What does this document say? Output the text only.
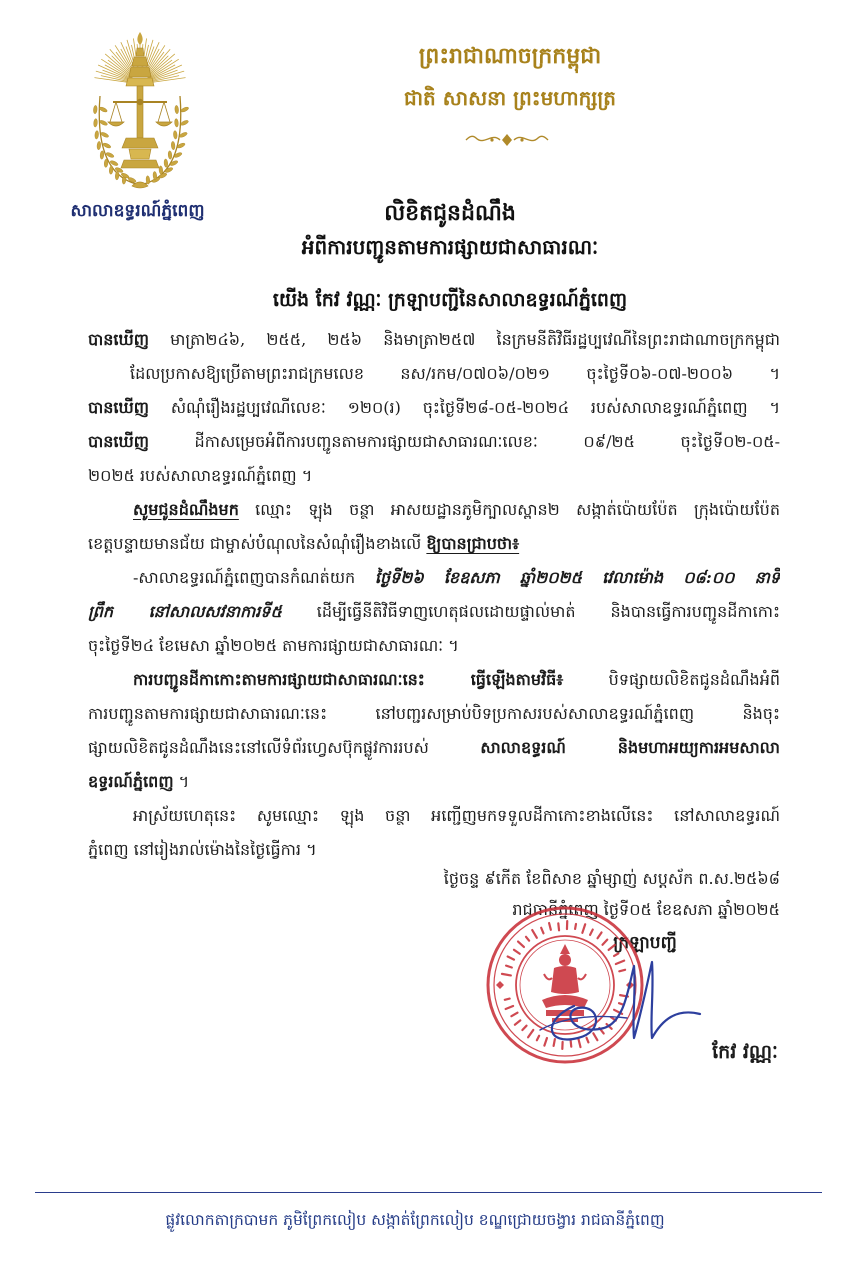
សាលាឧទ្ធរណ៍ភ្នំពេញ
ព្រះរាជាណាចក្រកម្ពុជា
ជាតិ សាសនា ព្រះមហាក្សត្រ
លិខិតជូនដំណឹង
អំពីការបញ្ជូនតាមការផ្សាយជាសាធារណៈ
យើង កែវ វណ្ណៈ ក្រឡាបញ្ជីនៃសាលាឧទ្ធរណ៍ភ្នំពេញ
បានឃើញ មាត្រា២៤៦, ២៥៥, ២៥៦ និងមាត្រា២៥៧ នៃក្រមនីតិវិធីរដ្ឋប្បវេណីនៃព្រះរាជាណាចក្រកម្ពុជា
ដែលប្រកាសឱ្យប្រើតាមព្រះរាជក្រមលេខ នស/រកម/០៧០៦/០២១ ចុះថ្ងៃទី០៦-០៧-២០០៦ ។
បានឃើញ សំណុំរឿងរដ្ឋប្បវេណីលេខៈ ១២០(រ) ចុះថ្ងៃទី២៨-០៥-២០២៤ របស់សាលាឧទ្ធរណ៍ភ្នំពេញ ។
បានឃើញ	ដីកាសម្រេចអំពីការបញ្ជូនតាមការផ្សាយជាសាធារណៈលេខៈ ០៩/២៥ ចុះថ្ងៃទី០២-០៥-
២០២៥ របស់សាលាឧទ្ធរណ៍ភ្នំពេញ ។
សូមជូនដំណឹងមក ឈ្មោះ ឡុង ចន្ថា អាសយដ្ឋានភូមិក្បាលស្ពាន២ សង្កាត់ប៉ោយប៉ែត ក្រុងប៉ោយប៉ែត
ខេត្តបន្ទាយមានជ័យ ជាម្ចាស់បំណុលនៃសំណុំរឿងខាងលើ ឱ្យបានជ្រាបថា៖
-សាលាឧទ្ធរណ៍ភ្នំពេញបានកំណត់យក ថ្ងៃទី២៦ ខែឧសភា ឆ្នាំ២០២៥ វេលាម៉ោង ០៨:០០ នាទី
ព្រឹក នៅសាលសវនាការទី៥ ដើម្បីធ្វើនីតិវិធីទាញហេតុផលដោយផ្ទាល់មាត់ និងបានធ្វើការបញ្ជូនដីកាកោះ
ចុះថ្ងៃទី២៤ ខែមេសា ឆ្នាំ២០២៥ តាមការផ្សាយជាសាធារណៈ ។
ការបញ្ជូនដីកាកោះតាមការផ្សាយជាសាធារណៈនេះ ធ្វើឡើងតាមវិធី៖	បិទផ្សាយលិខិតជូនដំណឹងអំពី
ការបញ្ជូនតាមការផ្សាយជាសាធារណៈនេះ នៅបញ្ជរសម្រាប់បិទប្រកាសរបស់សាលាឧទ្ធរណ៍ភ្នំពេញ និងចុះ
ផ្សាយលិខិតជូនដំណឹងនេះនៅលើទំព័រហ្វេសប៊ុកផ្លូវការរបស់	សាលាឧទ្ធរណ៍ និងមហាអយ្យការអមសាលា
ឧទ្ធរណ៍ភ្នំពេញ ។
អាស្រ័យហេតុនេះ សូមឈ្មោះ ឡុង ចន្ថា អញ្ជើញមកទទួលដីកាកោះខាងលើនេះ នៅសាលាឧទ្ធរណ៍
ភ្នំពេញ នៅរៀងរាល់ម៉ោងនៃថ្ងៃធ្វើការ ។
ថ្ងៃចន្ទ ៩កើត ខែពិសាខ ឆ្នាំម្សាញ់ សប្តស័ក ព.ស.២៥៦៨
រាជធានីភ្នំពេញ ថ្ងៃទី០៥ ខែឧសភា ឆ្នាំ២០២៥
ក្រឡាបញ្ជី
កែវ វណ្ណៈ
ផ្លូវលោកតាក្របាមក ភូមិព្រែកលៀប សង្កាត់ព្រែកលៀប ខណ្ឌជ្រោយចង្វារ រាជធានីភ្នំពេញ
